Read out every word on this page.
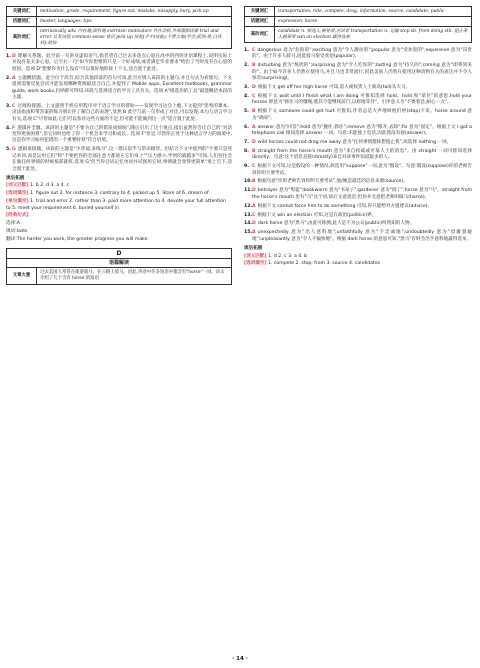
关键词汇	motivation, grade, requirement, figure out, mistake, misapply, bury, pick up
话题词汇	master, languages, tips
高阶词汇	intrinsically adv. 内在地;固有地 extrinsic motivators 外在动机,外部激励因素 trial and error 反复试验 common sense 常识 pick up 拾起(手中)技能;(不费力地)学会;获得;染上(疾病);收拾
1. D 理解关系题。此空前一句讲及虚拟语气,指者望自己过去多花点心思在高中的西班牙语课程上,说明实际上并没有花太多心思。后空后一句"如今你想要的只是一个好成绩,或者满足毕业要求"给出了当时没有在心思的原因。选项 D"想要你为什么没有"可以很好地衔接上下文,适合置于此处。
2. A 主题概括题。此空位于段首,结合其他段落的首句可知,此空应填入该段的主题句,并且句式为祈使句。下文提到需要反复尝试才能发现哪种资源最适合自己,并提到了 Mobile apps, Excellent textbooks, grammar guide, work books,归纳即可得知,该段与选择适合的学习工具有关。选项 A"挑选你的工具"最能概括本段的主题。
3. C 过渡衔接题。上文提到手机应用程序对于语言学习的帮助——发现学习这会上瘾,下文提到"优秀的课本、语法指南和带答案的练习册让你了解自己的表现",显然 B 此空与前一句形成了对比,可以发现,本句与语言学习有关,选项 C"尽管如此,它们可以弥补这些方面的不足,但可能不能做到这一点"适合置于此处。
4. F 逻辑补全题。该段的主题是"不要为自己的错误而烦恼",随后引出了这个观点,指出虽然你会让自己的"对话变得更加困难",但它同时也给了你一个机会来学习和成长。选项 F"但是,尽管你正处于这种语言学习的困境中,这是你学习如何犯错的一个重要时刻"符合语境。
5. G 逻辑承接题。该段的主题是"少背诵,多练习",这一建议似乎与常识相悖。但结合下文中提到的"不要只是死记单词,而是运用它们"和"不要把你的全部注意力都放在它们身上""压力感小,学到的就越多"可知,人们往往会在做任何事情的时候按部就班,选项 G"但当你尝试记忆单词并试图用它时,事情就会变得更简单"承上启下,适合置于此处。
读后拓展
[词义匹配] 1. b 2. d 3. a 4. c
[选词填空] 1. figure out 2. for instance 3. contrary to 4. picked up 5. Stare at 6. dream of
[单句填空] 1. trial and error 2. rather than 3. paid more attention to 4. devote your full attention to 5. meet your requirement 6. buried yourself in
[经典句式]
选择:A
填词:lasts
翻译:The harder you work, the greater progress you will make.
D
语篇解读
文章大意	过去美国人常常在街道骑马、在公路上骑马。因此,英语中许多短语中都含有"horse"一词。该文介绍了几个含有 horse 的短语
关键词汇	transportation, ride, compete, drag, information, source, candidate, public
话题词汇	expression, horse
高阶词汇	candidate n. 候选人,候补者;应试者 transportation n. 运输 stop sb. from doing sth. 阻止某人做某事 win an election 赢得选举
1. C dangerous 意为"危险的";exciting 意为"令人激动的";popular 意为"受欢迎的";expensive 意为"昂贵的"。由于许多人骑马,因此骑马很受欢迎(popular)。
2. B disturbing 意为"烦扰的";surprising 意为"令人吃惊的";lasting 意为"持久的";coming 意为"即将到来的"。由于如今许多人仍然在使用马,并且马也非常流行,因此美国人仍然在使用这种动物有关的表达并不令人惊奇(surprising)。
3. D 根据下文 get off her high horse 可知,富人或权贵人士骑高(tall)头大马。
4. C 根据下文 wait until I finish what I am doing 可推知选择 hold。hold 和"拿住"的意思,hold your horses 即意为"抓住马的缰绳,使其不能继续前行,以原地等待"。引申意义为"不要着急,耐心一点"。
5. B 根据下文 someone could get hurt 可推知,作者总是大声地叫他们停(stop)下来。horse around 意为"胡闹"。
6. A answer 意为"回答";hold 意为"握住,抓住";remove 意为"移开,去除";fix 意为"固定"。根据上文 I got a telephone call 推知选择 answer 一词。句意:未能接上电话,因此我没有接(answer)。
7. D wild horses could not drag me away 意为"任何事情都休想阻止我",故选择 nothing 一词。
8. B straight from the horse's mouth 意为"来自权威或可靠人士的消息"。由 straight 一词可推知选择 directly。句意:这个消息直接(directly)来自对该事件知道最多的人。
9. C 根据下文可知,这是假设的一种情况,故选用"suppose"一词,意为"假设"。句意:假设(suppose)你的老师告诉你明天要考试。
10. B 根据句意"你的老师告诉你明天要考试",他/她是最佳的信息来源(source)。
11. D betrayer 意为"叛徒";bookworm 意为"书呆子";gardener 意为"园丁";horse 意为"马"。straight from the horse's mouth 里有"马"这个词,故后文意思是:但你并无意把老师叫做马(horse)。
12. A 根据下文 cannot force him to do something 可知,你只能给对方提建议(advice)。
13. C 根据下文 win an election 可知,这是在政治(politics)界。
14. D dark horse 意为"黑马",由此可推测,此人是不为公众(public)所熟知的人物。
15. A unexpectedly 意为"出人意料地";unfaithfully 意为"不忠诚地";undoubtedly 意为"毋庸置疑地";unpleasantly 意为"令人不愉快地"。根据 dark horse 的意思可知,"黑马"有时会出乎意料地赢得选举。
读后拓展
[词义匹配] 1. d 2. c 3. a 4. b
[选词填空] 1. compete 2. stop; from 3. source 4. candidates
· 14 ·
